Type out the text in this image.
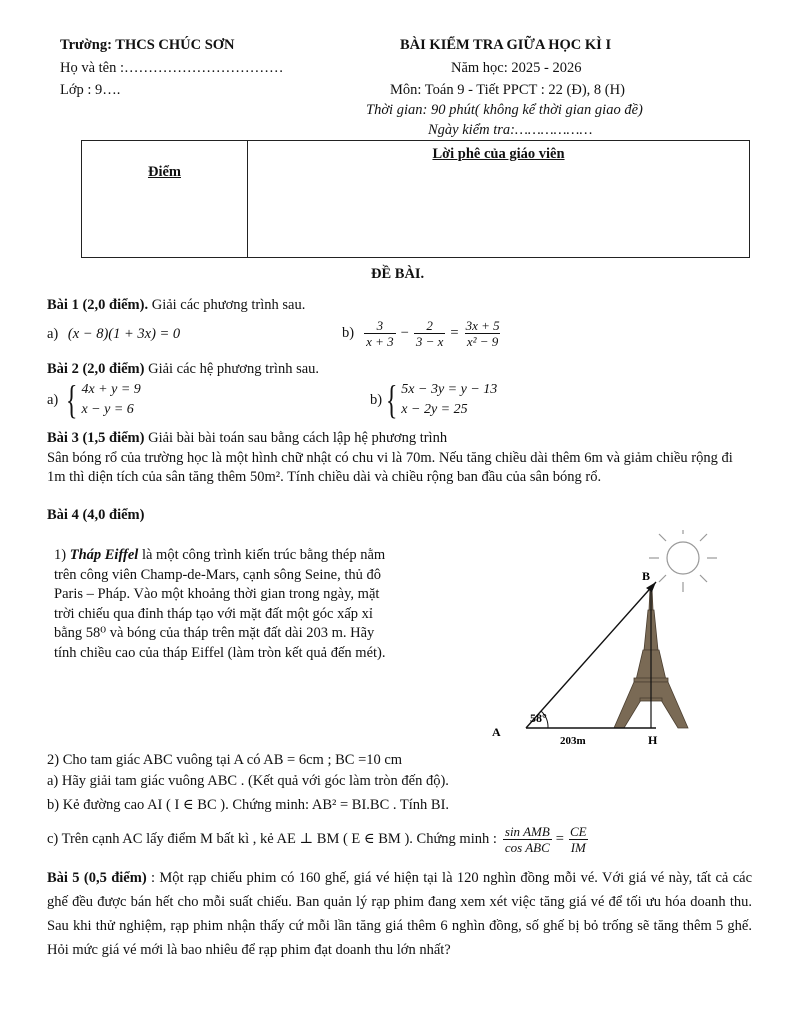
Trường: THCS CHÚC SƠN
Họ và tên :……………………………
Lớp : 9….
BÀI KIỂM TRA GIỮA HỌC KÌ I
Năm học: 2025 - 2026
Môn: Toán 9 - Tiết PPCT : 22 (Đ), 8 (H)
Thời gian: 90 phút( không kể thời gian giao đề)
Ngày kiểm tra:………………
Điểm

Lời phê của giáo viên
ĐỀ BÀI.
Bài 1 (2,0 điểm). Giải các phương trình sau.
a) (x − 8)(1 + 3x) = 0	$b) \frac{3}{x + 3} - \frac{2}{3 - x} = \frac{3x + 5}{\text{x² − 9}}$
Bài 2 (2,0 điểm) Giải các hệ phương trình sau.
a) { 4x + y = 9
x − y = 6
b) { 5x − 3y = y − 13
x − 2y = 25
Bài 3 (1,5 điểm) Giải bài bài toán sau bằng cách lập hệ phương trình
Sân bóng rổ của trường học là một hình chữ nhật có chu vi là 70m. Nếu tăng chiều dài thêm 6m và giảm chiều rộng đi 1m thì diện tích của sân tăng thêm 50m². Tính chiều dài và chiều rộng ban đầu của sân bóng rổ.
Bài 4 (4,0 điểm)
1) Tháp Eiffel là một công trình kiến trúc bằng thép nằm
trên công viên Champ-de-Mars, cạnh sông Seine, thủ đô
Paris – Pháp. Vào một khoảng thời gian trong ngày, mặt
trời chiếu qua đỉnh tháp tạo với mặt đất một góc xấp xỉ
bằng 58⁰ và bóng của tháp trên mặt đất dài 203 m. Hãy
tính chiều cao của tháp Eiffel (làm tròn kết quả đến mét).
58°
B
A
H
203m
2) Cho tam giác ABC vuông tại A có AB = 6cm ; BC =10 cm
a) Hãy giải tam giác vuông ABC . (Kết quả với góc làm tròn đến độ).
b) Kẻ đường cao AI ( I ∈ BC ). Chứng minh: AB² = BI.BC . Tính BI.
c) Trên cạnh AC lấy điểm M bất kì , kẻ AE ⊥ BM ( E ∈ BM ). Chứng minh : $\frac{\text{sin AMB}}{\text{cos ABC}} = \frac{CE}{IM}$
Bài 5 (0,5 điểm) : Một rạp chiếu phim có 160 ghế, giá vé hiện tại là 120 nghìn đồng mỗi vé. Với giá vé này, tất cả các ghế đều được bán hết cho mỗi suất chiếu. Ban quản lý rạp phim đang xem xét việc tăng giá vé để tối ưu hóa doanh thu. Sau khi thử nghiệm, rạp phim nhận thấy cứ mỗi lần tăng giá thêm 6 nghìn đồng, số ghế bị bỏ trống sẽ tăng thêm 5 ghế. Hỏi mức giá vé mới là bao nhiêu để rạp phim đạt doanh thu lớn nhất?
